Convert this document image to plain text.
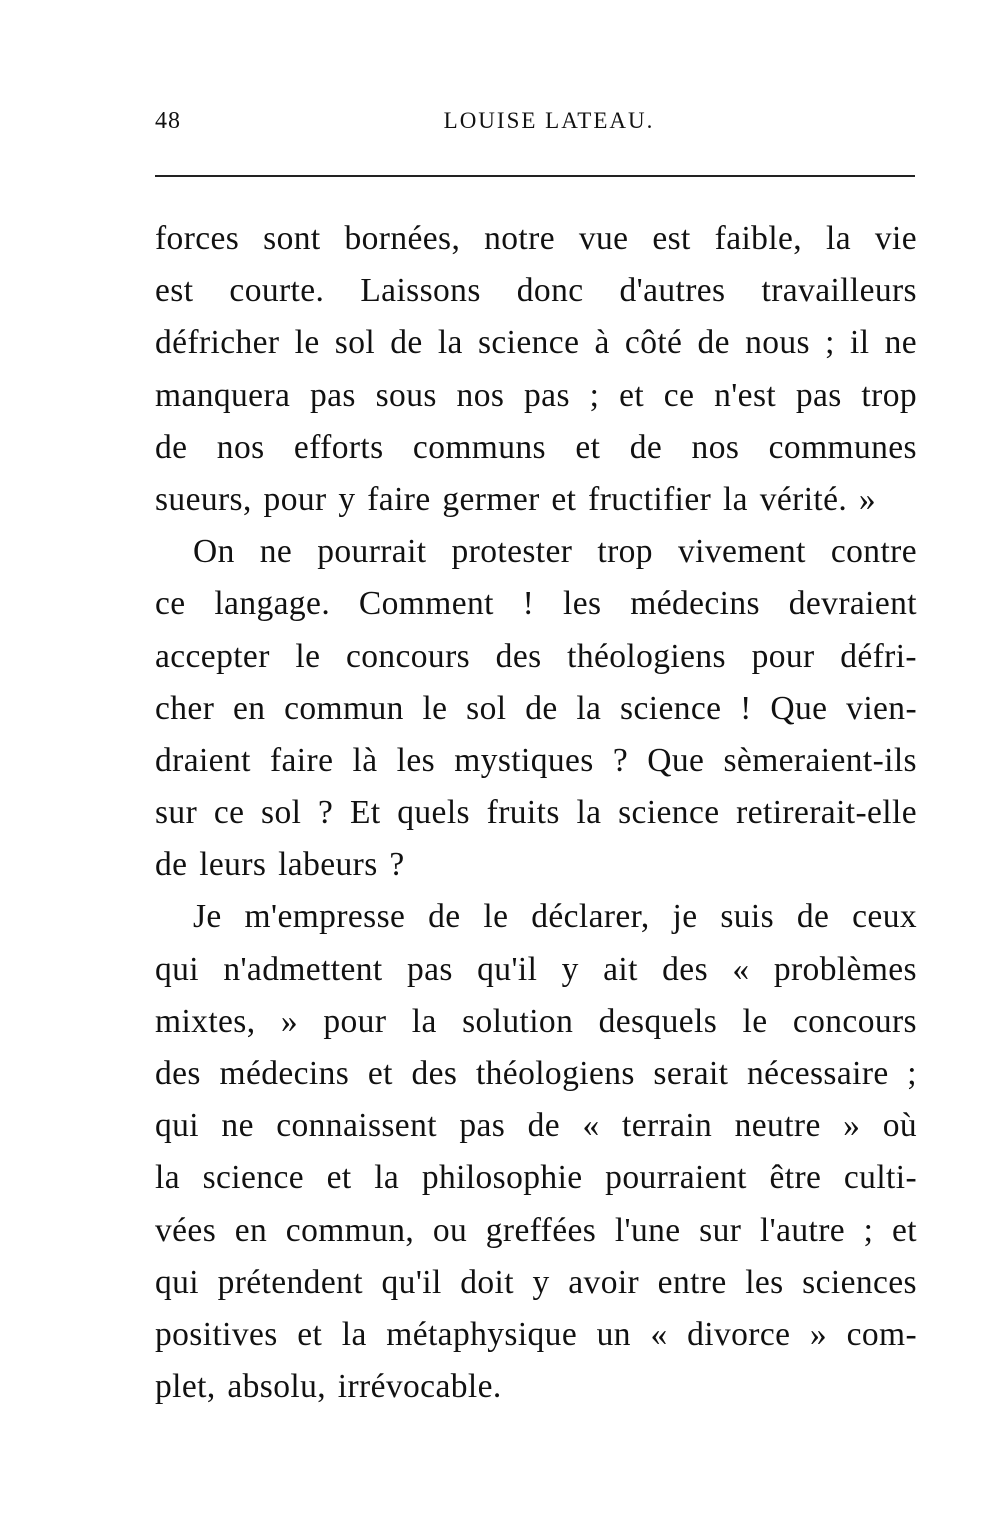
48	LOUISE LATEAU.
forces sont bornées, notre vue est faible, la vie
est courte. Laissons donc d'autres travailleurs
défricher le sol de la science à côté de nous ; il ne
manquera pas sous nos pas ; et ce n'est pas trop
de nos efforts communs et de nos communes
sueurs, pour y faire germer et fructifier la vérité. »
On ne pourrait protester trop vivement contre
ce langage. Comment ! les médecins devraient
accepter le concours des théologiens pour défri-
cher en commun le sol de la science ! Que vien-
draient faire là les mystiques ? Que sèmeraient-ils
sur ce sol ? Et quels fruits la science retirerait-elle
de leurs labeurs ?
Je m'empresse de le déclarer, je suis de ceux
qui n'admettent pas qu'il y ait des « problèmes
mixtes, » pour la solution desquels le concours
des médecins et des théologiens serait nécessaire ;
qui ne connaissent pas de « terrain neutre » où
la science et la philosophie pourraient être culti-
vées en commun, ou greffées l'une sur l'autre ; et
qui prétendent qu'il doit y avoir entre les sciences
positives et la métaphysique un « divorce » com-
plet, absolu, irrévocable.
